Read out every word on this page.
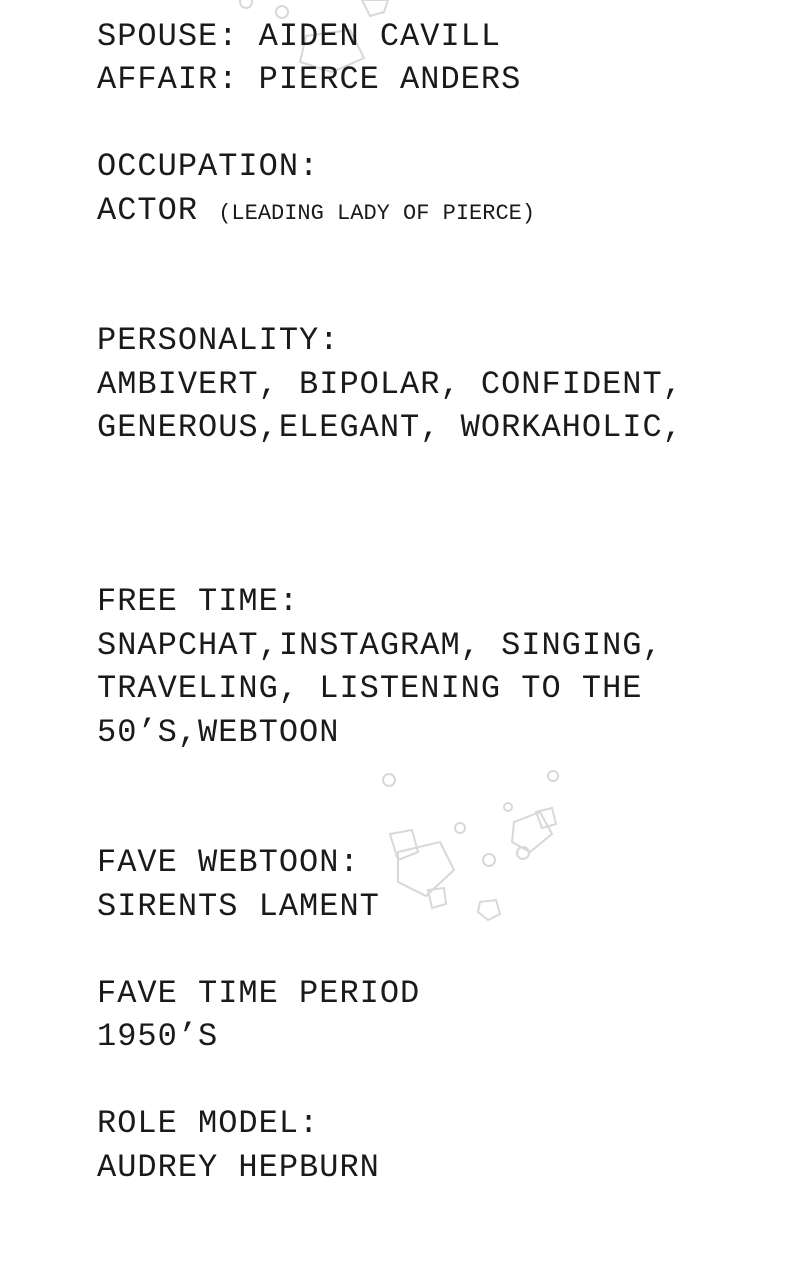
SPOUSE: AIDEN CAVILL
AFFAIR: PIERCE ANDERS
OCCUPATION:
ACTOR (LEADING LADY OF PIERCE)
PERSONALITY:
AMBIVERT, BIPOLAR, CONFIDENT,
GENEROUS,ELEGANT, WORKAHOLIC,
FREE TIME:
SNAPCHAT,INSTAGRAM, SINGING,
TRAVELING, LISTENING TO THE
50’S,WEBTOON
FAVE WEBTOON:
SIRENTS LAMENT
FAVE TIME PERIOD
1950’S
ROLE MODEL:
AUDREY HEPBURN
